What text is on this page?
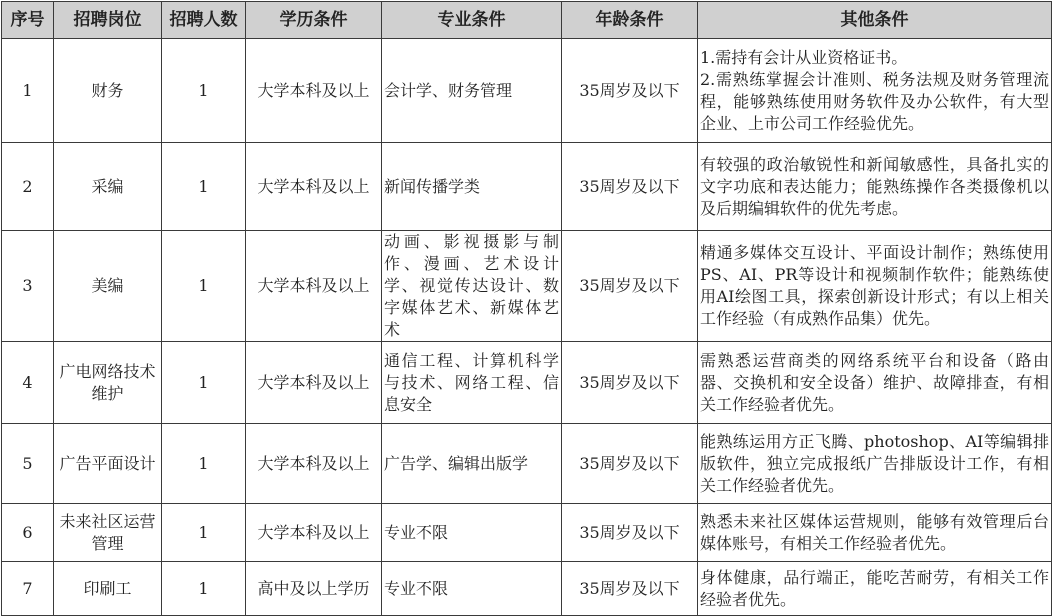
序号	招聘岗位	招聘人数	学历条件	专业条件	年龄条件	其他条件
1	财务	1	大学本科及以上	会计学、财务管理	35周岁及以下	1.需持有会计从业资格证书。
2.需熟练掌握会计准则、税务法规及财务管理流程，能够熟练使用财务软件及办公软件，有大型企业、上市公司工作经验优先。
2	采编	1	大学本科及以上	新闻传播学类	35周岁及以下	有较强的政治敏锐性和新闻敏感性，具备扎实的文字功底和表达能力；能熟练操作各类摄像机以及后期编辑软件的优先考虑。
3	美编	1	大学本科及以上	动画、影视摄影与制作、漫画、艺术设计学、视觉传达设计、数字媒体艺术、新媒体艺术	35周岁及以下	精通多媒体交互设计、平面设计制作；熟练使用PS、AI、PR等设计和视频制作软件；能熟练使用AI绘图工具，探索创新设计形式；有以上相关工作经验（有成熟作品集）优先。
4	广电网络技术维护	1	大学本科及以上	通信工程、计算机科学与技术、网络工程、信息安全	35周岁及以下	需熟悉运营商类的网络系统平台和设备（路由器、交换机和安全设备）维护、故障排查，有相关工作经验者优先。
5	广告平面设计	1	大学本科及以上	广告学、编辑出版学	35周岁及以下	能熟练运用方正飞腾、photoshop、AI等编辑排版软件，独立完成报纸广告排版设计工作，有相关工作经验者优先。
6	未来社区运营管理	1	大学本科及以上	专业不限	35周岁及以下	熟悉未来社区媒体运营规则，能够有效管理后台媒体账号，有相关工作经验者优先。
7	印刷工	1	高中及以上学历	专业不限	35周岁及以下	身体健康，品行端正，能吃苦耐劳，有相关工作经验者优先。
